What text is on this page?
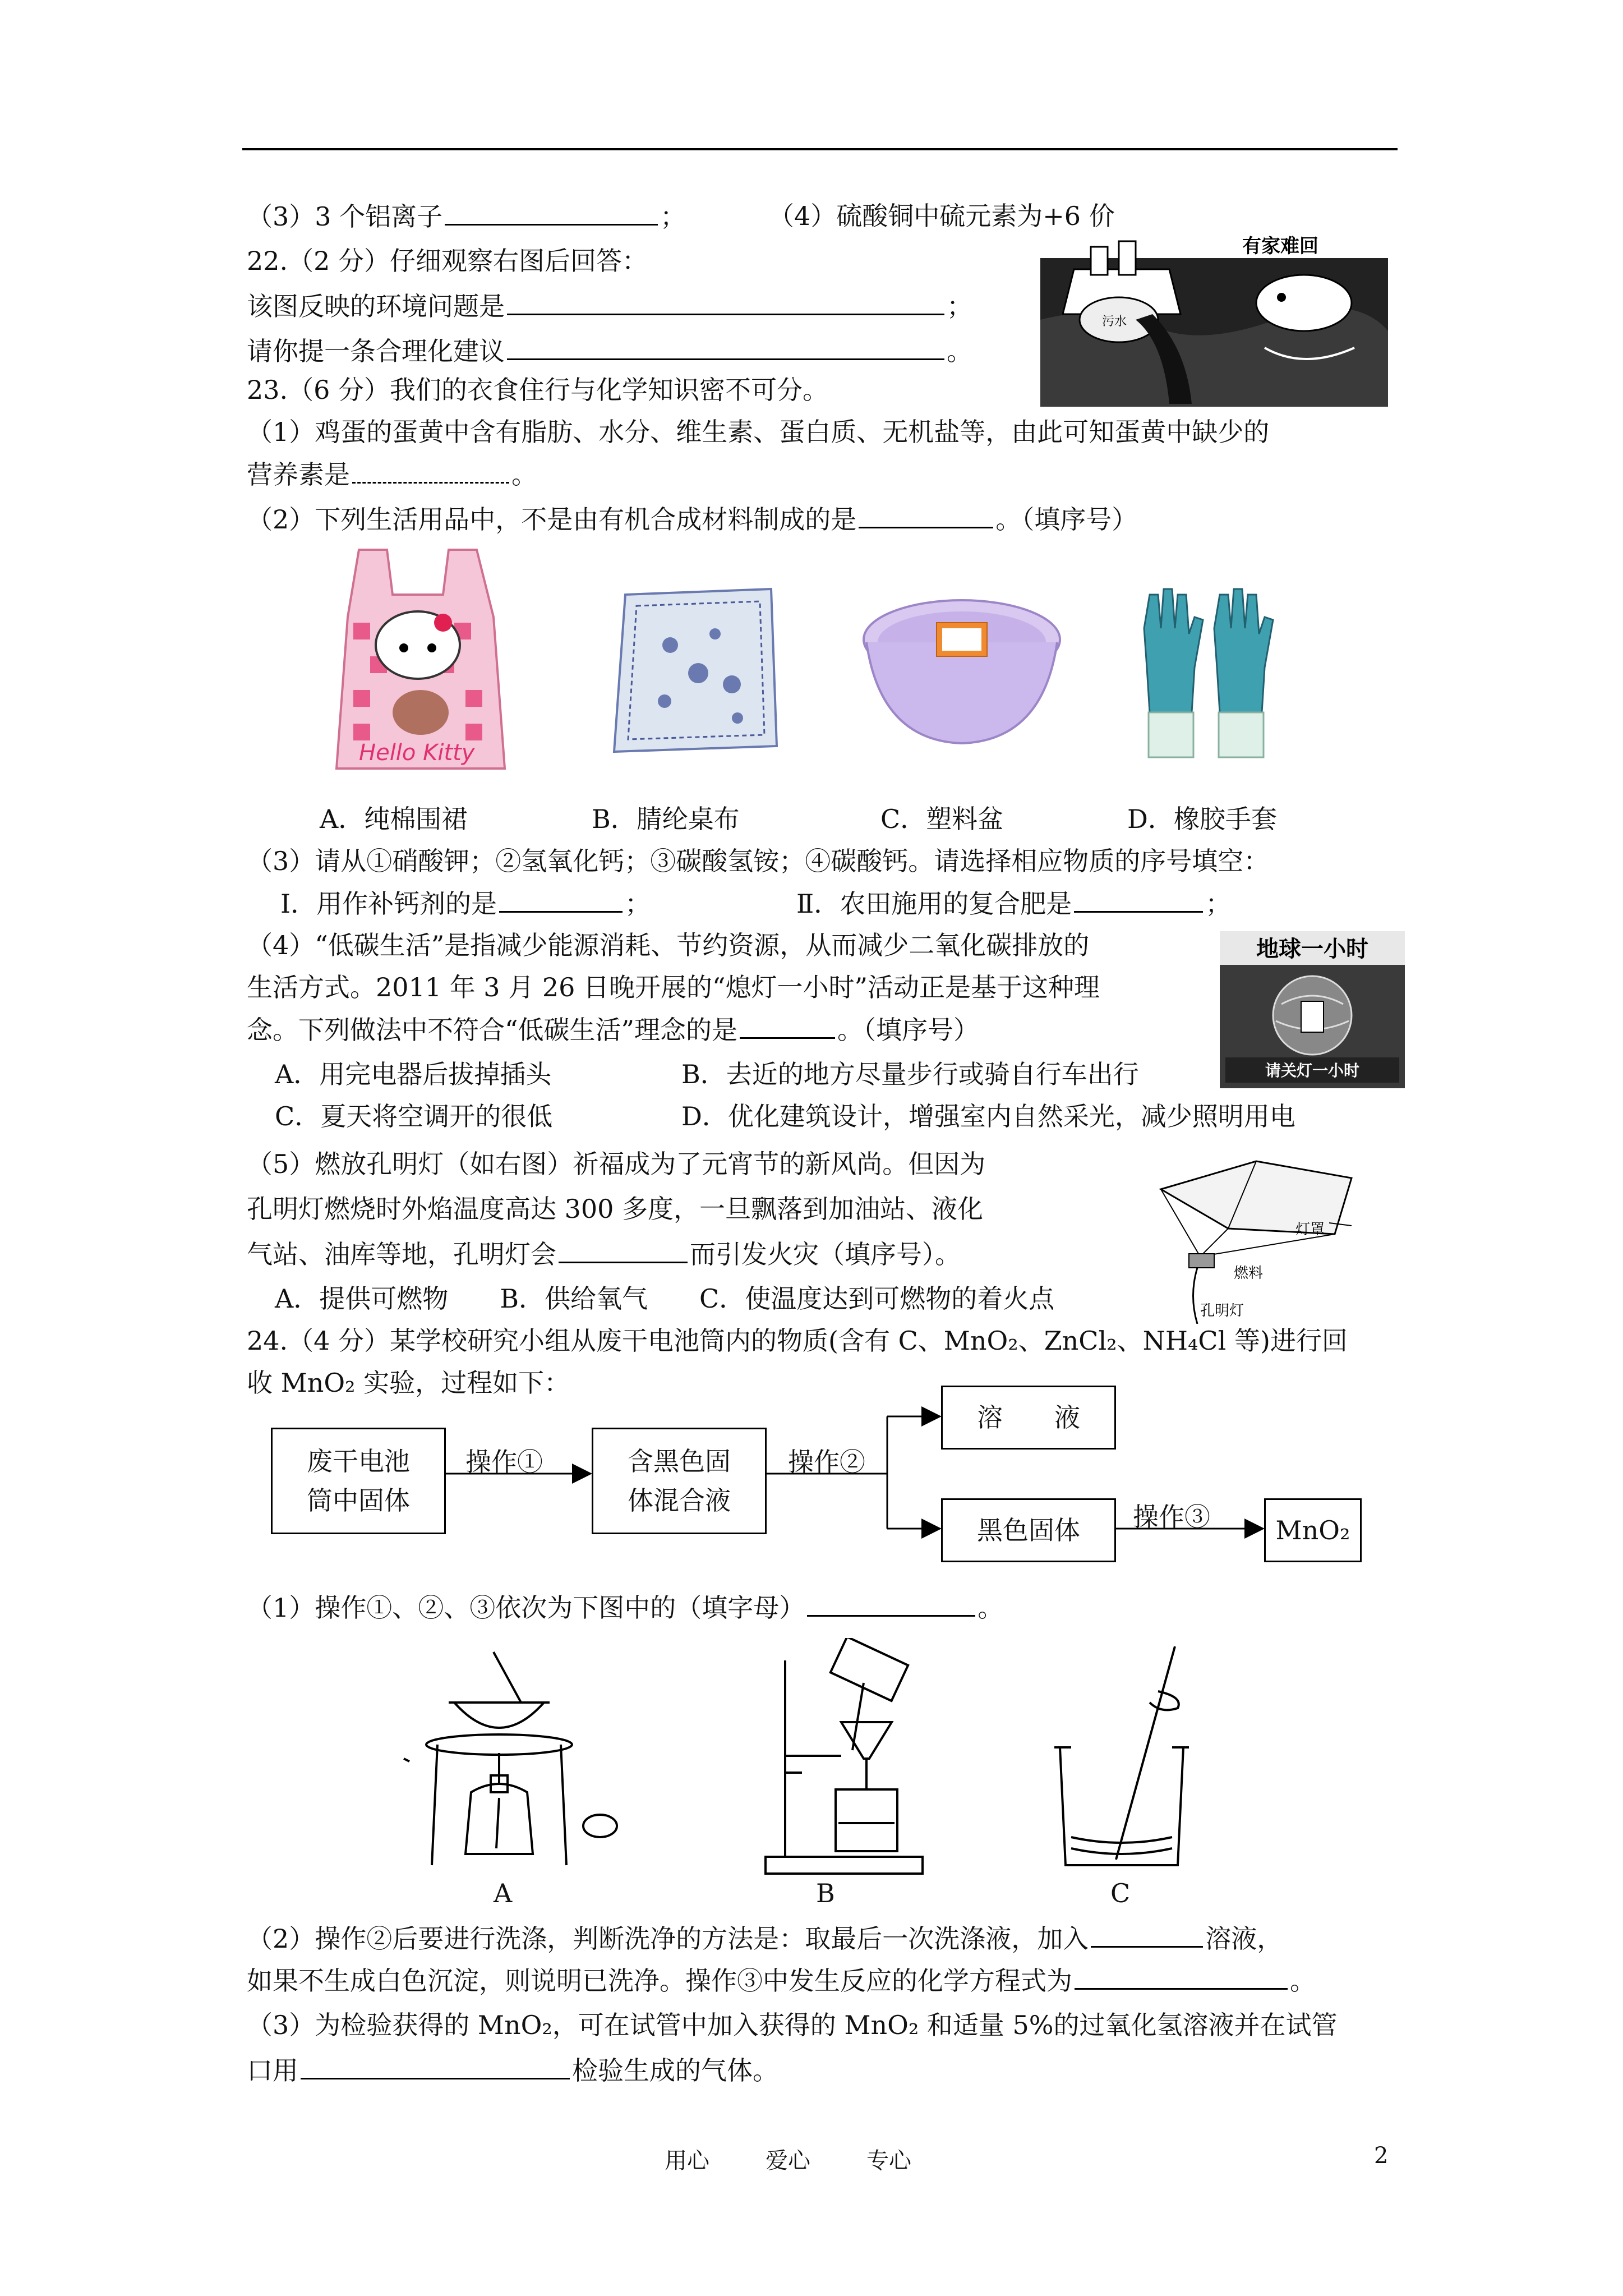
（3）3 个铝离子	；	（4）硫酸铜中硫元素为+6 价
有家难回
污水
22.（2 分）仔细观察右图后回答：
该图反映的环境问题是	；
请你提一条合理化建议	。
23.（6 分）我们的衣食住行与化学知识密不可分。
（1）鸡蛋的蛋黄中含有脂肪、水分、维生素、蛋白质、无机盐等，由此可知蛋黄中缺少的
营养素是	。
（2）下列生活用品中，不是由有机合成材料制成的是	。（填序号）
Hello Kitty
A．纯棉围裙	B．腈纶桌布	C．塑料盆	D．橡胶手套
（3）请从①硝酸钾；②氢氧化钙；③碳酸氢铵；④碳酸钙。请选择相应物质的序号填空：
Ⅰ．用作补钙剂的是	；	Ⅱ．农田施用的复合肥是	；
（4）“低碳生活”是指减少能源消耗、节约资源，从而减少二氧化碳排放的
生活方式。2011 年 3 月 26 日晚开展的“熄灯一小时”活动正是基于这种理
念。下列做法中不符合“低碳生活”理念的是	。（填序号）
地球一小时
请关灯一小时
A．用完电器后拔掉插头	B．去近的地方尽量步行或骑自行车出行
C．夏天将空调开的很低	D．优化建筑设计，增强室内自然采光，减少照明用电
（5）燃放孔明灯（如右图）祈福成为了元宵节的新风尚。但因为
孔明灯燃烧时外焰温度高达 300 多度，一旦飘落到加油站、液化
气站、油库等地，孔明灯会	而引发火灾（填序号）。
A．提供可燃物　　B．供给氧气　　C．使温度达到可燃物的着火点
灯罩
燃料
孔明灯
24.（4 分）某学校研究小组从废干电池筒内的物质(含有 C、MnO₂、ZnCl₂、NH₄Cl 等)进行回
收 MnO₂ 实验，过程如下：
废干电池
筒中固体
含黑色固
体混合液
溶　　液
黑色固体	MnO₂
操作①	操作②
操作③
（1）操作①、②、③依次为下图中的（填字母）	。
A	B	C
（2）操作②后要进行洗涤，判断洗净的方法是：取最后一次洗涤液，加入	溶液，
如果不生成白色沉淀，则说明已洗净。操作③中发生反应的化学方程式为	。
（3）为检验获得的 MnO₂，可在试管中加入获得的 MnO₂ 和适量 5%的过氧化氢溶液并在试管
口用	检验生成的气体。
用心	爱心	专心	2
